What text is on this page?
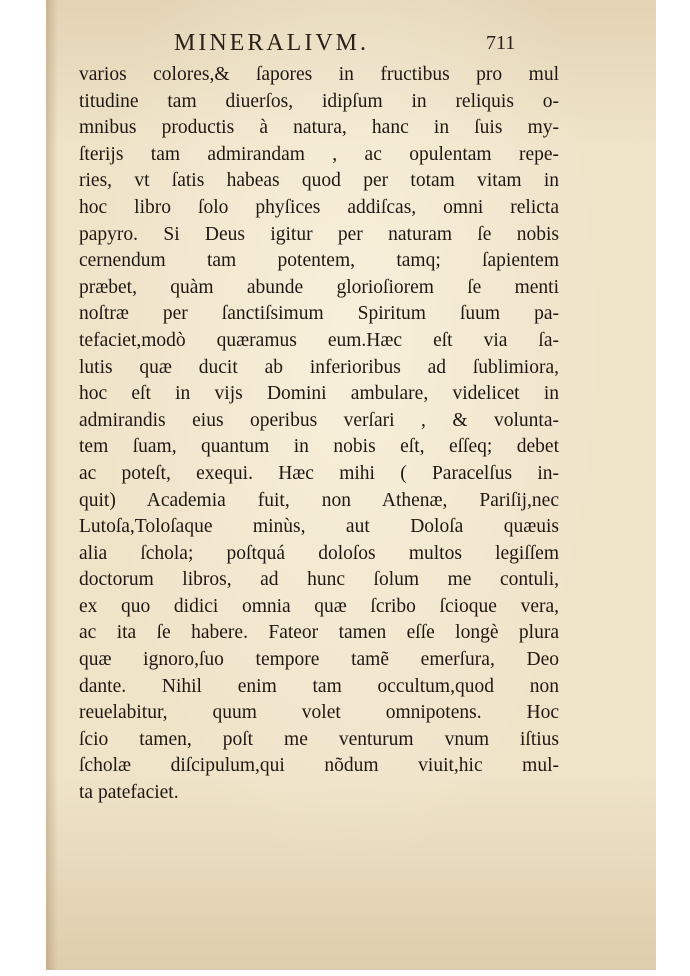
MINERALIVM.	711
varios colores,& ſapores in fructibus pro mul
titudine tam diuerſos, idipſum in reliquis o-
mnibus productis à natura, hanc in ſuis my-
ſterijs tam admirandam , ac opulentam repe-
ries, vt ſatis habeas quod per totam vitam in
hoc libro ſolo phyſices addiſcas, omni relicta
papyro. Si Deus igitur per naturam ſe nobis
cernendum tam potentem, tamq; ſapientem
præbet, quàm abunde glorioſiorem ſe menti
noſtræ per ſanctiſsimum Spiritum ſuum pa-
tefaciet,modò quæramus eum.Hæc eſt via ſa-
lutis quæ ducit ab inferioribus ad ſublimiora,
hoc eſt in vijs Domini ambulare, videlicet in
admirandis eius operibus verſari , & volunta-
tem ſuam, quantum in nobis eſt, eſſeq; debet
ac poteſt, exequi. Hæc mihi ( Paracelſus in-
quit) Academia fuit, non Athenæ, Pariſij,nec
Lutoſa,Toloſaque minùs, aut Doloſa quæuis
alia ſchola; poſtquá doloſos multos legiſſem
doctorum libros, ad hunc ſolum me contuli,
ex quo didici omnia quæ ſcribo ſcioque vera,
ac ita ſe habere. Fateor tamen eſſe longè plura
quæ ignoro,ſuo tempore tamẽ emerſura, Deo
dante. Nihil enim tam occultum,quod non
reuelabitur, quum volet omnipotens. Hoc
ſcio tamen, poſt me venturum vnum iſtius
ſcholæ diſcipulum,qui nõdum viuit,hic mul-
ta patefaciet.
